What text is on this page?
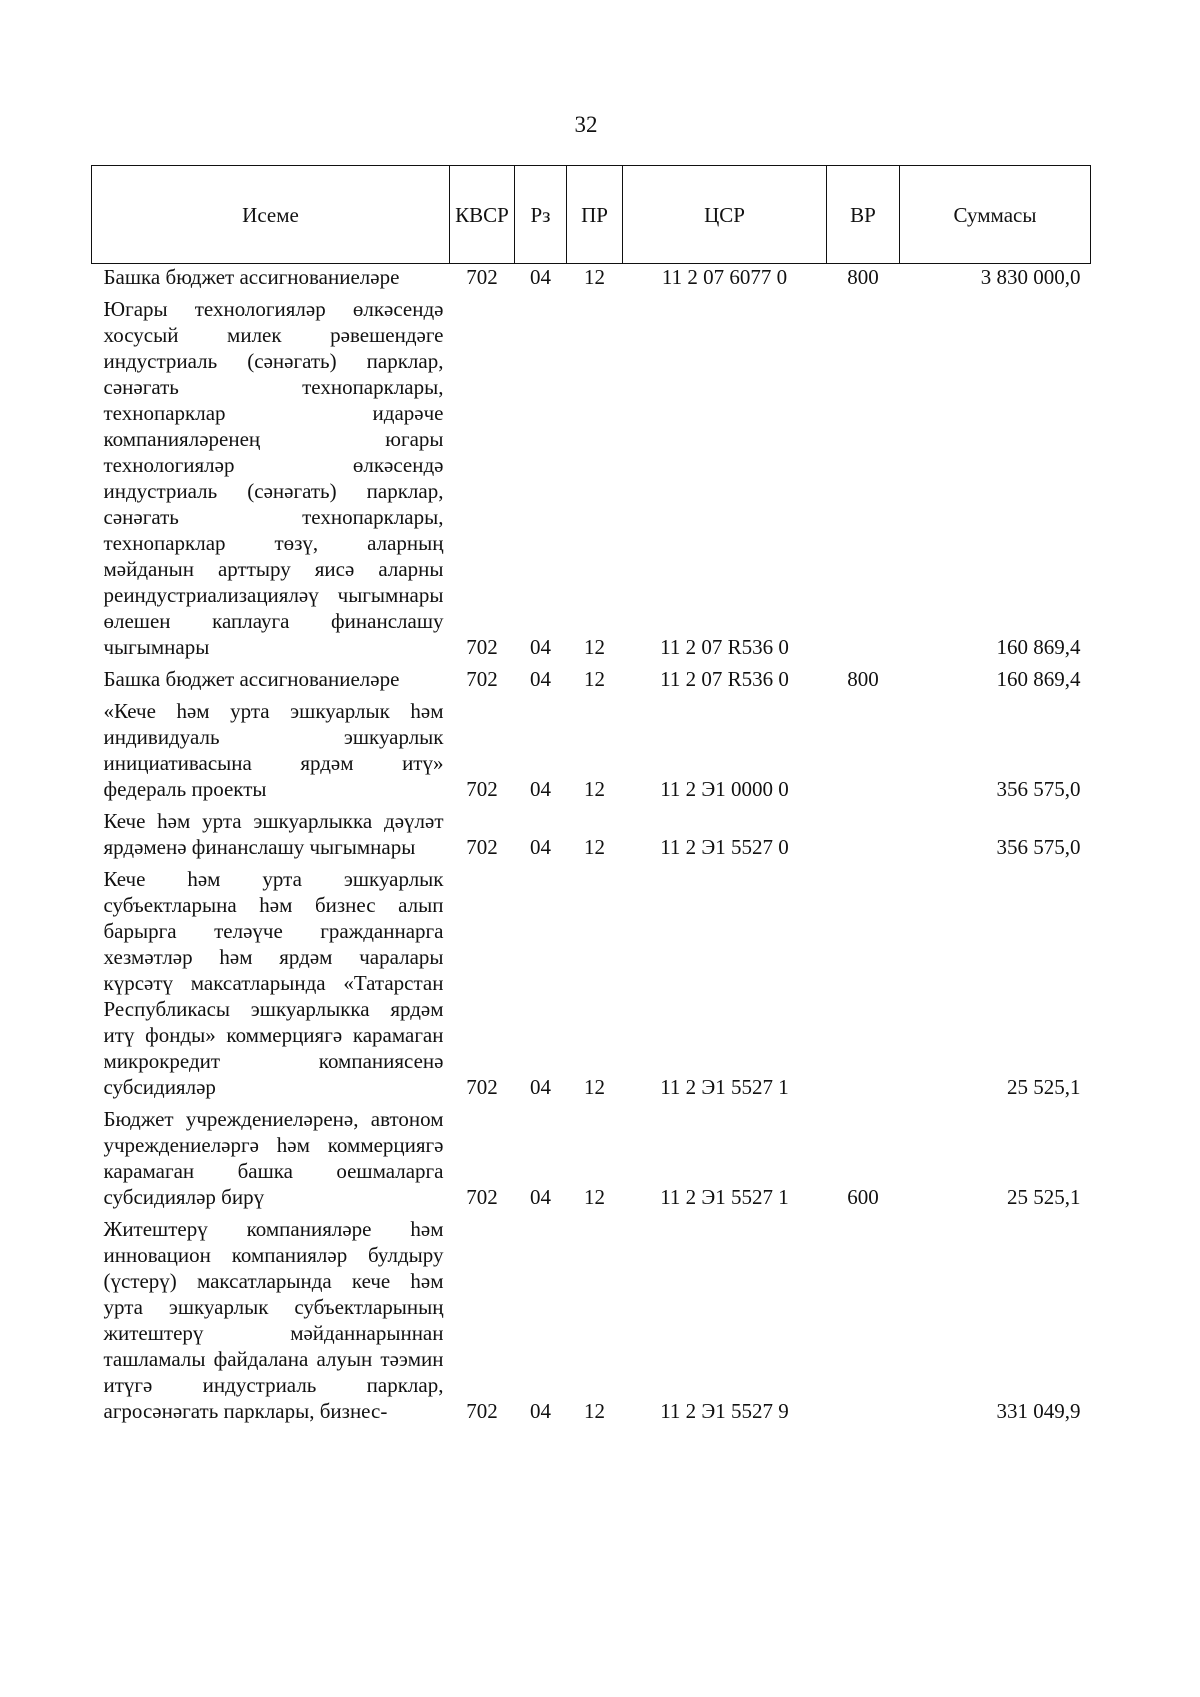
32
Исеме	КВСР	Рз	ПР	ЦСР	ВР	Суммасы
Башка бюджет ассигнованиеләре	702	04	12	11 2 07 6077 0	800	3 830 000,0
Югары технологияләр өлкәсендә хосусый милек рәвешендәге индустриаль (сәнәгать) парклар, сәнәгать технопарклары, технопарклар идарәче компанияләренең югары технологияләр өлкәсендә индустриаль (сәнәгать) парклар, сәнәгать технопарклары, технопарклар төзү, аларның мәйданын арттыру яисә аларны реиндустриализацияләү чыгымнары өлешен каплауга финанслашу чыгымнары	702	04	12	11 2 07 R536 0		160 869,4
Башка бюджет ассигнованиеләре	702	04	12	11 2 07 R536 0	800	160 869,4
«Кече һәм урта эшкуарлык һәм индивидуаль эшкуарлык инициативасына ярдәм итү» федераль проекты	702	04	12	11 2 Э1 0000 0		356 575,0
Кече һәм урта эшкуарлыкка дәүләт ярдәменә финанслашу чыгымнары	702	04	12	11 2 Э1 5527 0		356 575,0
Кече һәм урта эшкуарлык субъектларына һәм бизнес алып барырга теләүче гражданнарга хезмәтләр һәм ярдәм чаралары күрсәтү максатларында «Татарстан Республикасы эшкуарлыкка ярдәм итү фонды» коммерциягә карамаган микрокредит компаниясенә субсидияләр	702	04	12	11 2 Э1 5527 1		25 525,1
Бюджет учреждениеләренә, автоном учреждениеләргә һәм коммерциягә карамаган башка оешмаларга субсидияләр бирү	702	04	12	11 2 Э1 5527 1	600	25 525,1
Житештерү компанияләре һәм инновацион компанияләр булдыру (үстерү) максатларында кече һәм урта эшкуарлык субъектларының житештерү мәйданнарыннан ташламалы файдалана алуын тәэмин итүгә индустриаль парклар, агросәнәгать парклары, бизнес-	702	04	12	11 2 Э1 5527 9		331 049,9
